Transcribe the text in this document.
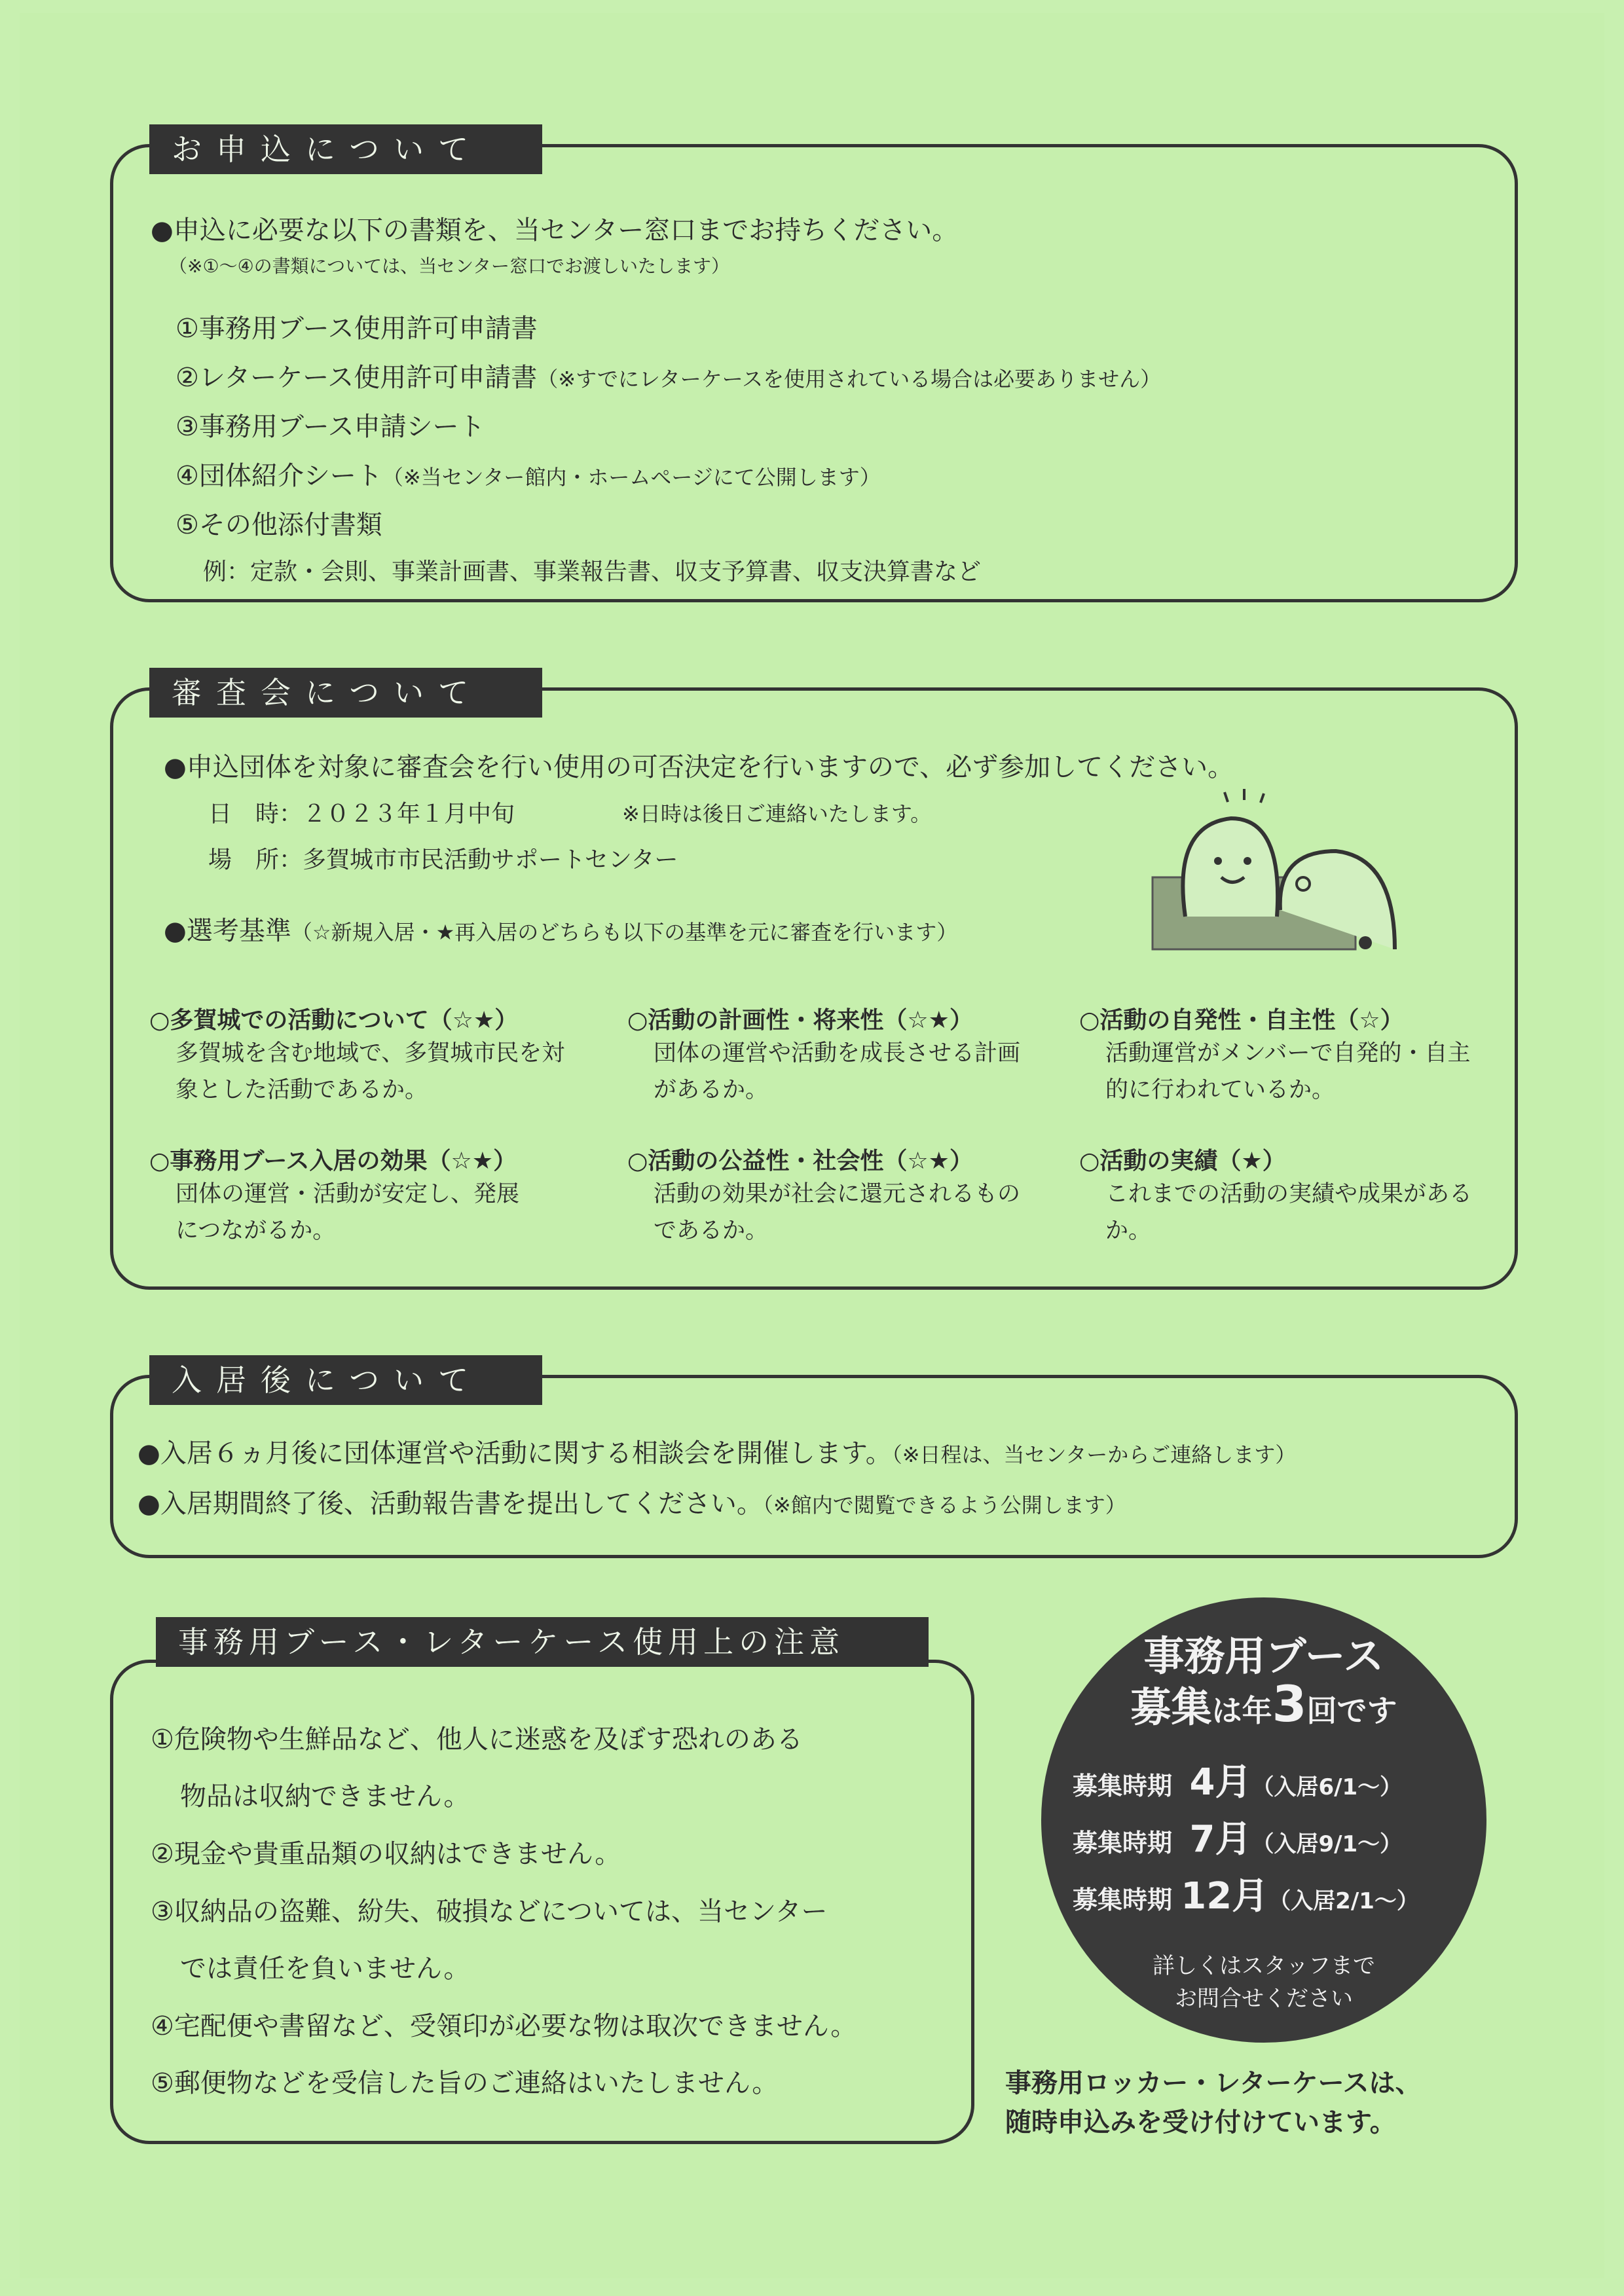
お申込について
●申込に必要な以下の書類を、当センター窓口までお持ちください。
（※①～④の書類については、当センター窓口でお渡しいたします）
①事務用ブース使用許可申請書
②レターケース使用許可申請書（※すでにレターケースを使用されている場合は必要ありません）
③事務用ブース申請シート
④団体紹介シート（※当センター館内・ホームページにて公開します）
⑤その他添付書類
例：定款・会則、事業計画書、事業報告書、収支予算書、収支決算書など
審査会について
●申込団体を対象に審査会を行い使用の可否決定を行いますので、必ず参加してください。
日　時：２０２３年１月中旬	※日時は後日ご連絡いたします。
場　所：多賀城市市民活動サポートセンター
●選考基準（☆新規入居・★再入居のどちらも以下の基準を元に審査を行います）
○多賀城での活動について（☆★）
多賀城を含む地域で、多賀城市民を対象とした活動であるか。
○活動の計画性・将来性（☆★）
団体の運営や活動を成長させる計画があるか。
○活動の自発性・自主性（☆）
活動運営がメンバーで自発的・自主的に行われているか。
○事務用ブース入居の効果（☆★）
団体の運営・活動が安定し、発展につながるか。
○活動の公益性・社会性（☆★）
活動の効果が社会に還元されるものであるか。
○活動の実績（★）
これまでの活動の実績や成果があるか。
入居後について
●入居６ヵ月後に団体運営や活動に関する相談会を開催します。（※日程は、当センターからご連絡します）
●入居期間終了後、活動報告書を提出してください。（※館内で閲覧できるよう公開します）
事務用ブース・レターケース使用上の注意
①危険物や生鮮品など、他人に迷惑を及ぼす恐れのある
物品は収納できません。
②現金や貴重品類の収納はできません。
③収納品の盗難、紛失、破損などについては、当センター
では責任を負いません。
④宅配便や書留など、受領印が必要な物は取次できません。
⑤郵便物などを受信した旨のご連絡はいたしません。
事務用ブース
募集は年3回です
募集時期 4月（入居6/1～）
募集時期 7月（入居9/1～）
募集時期 12月（入居2/1～）
詳しくはスタッフまで
お問合せください
事務用ロッカー・レターケースは、
随時申込みを受け付けています。
